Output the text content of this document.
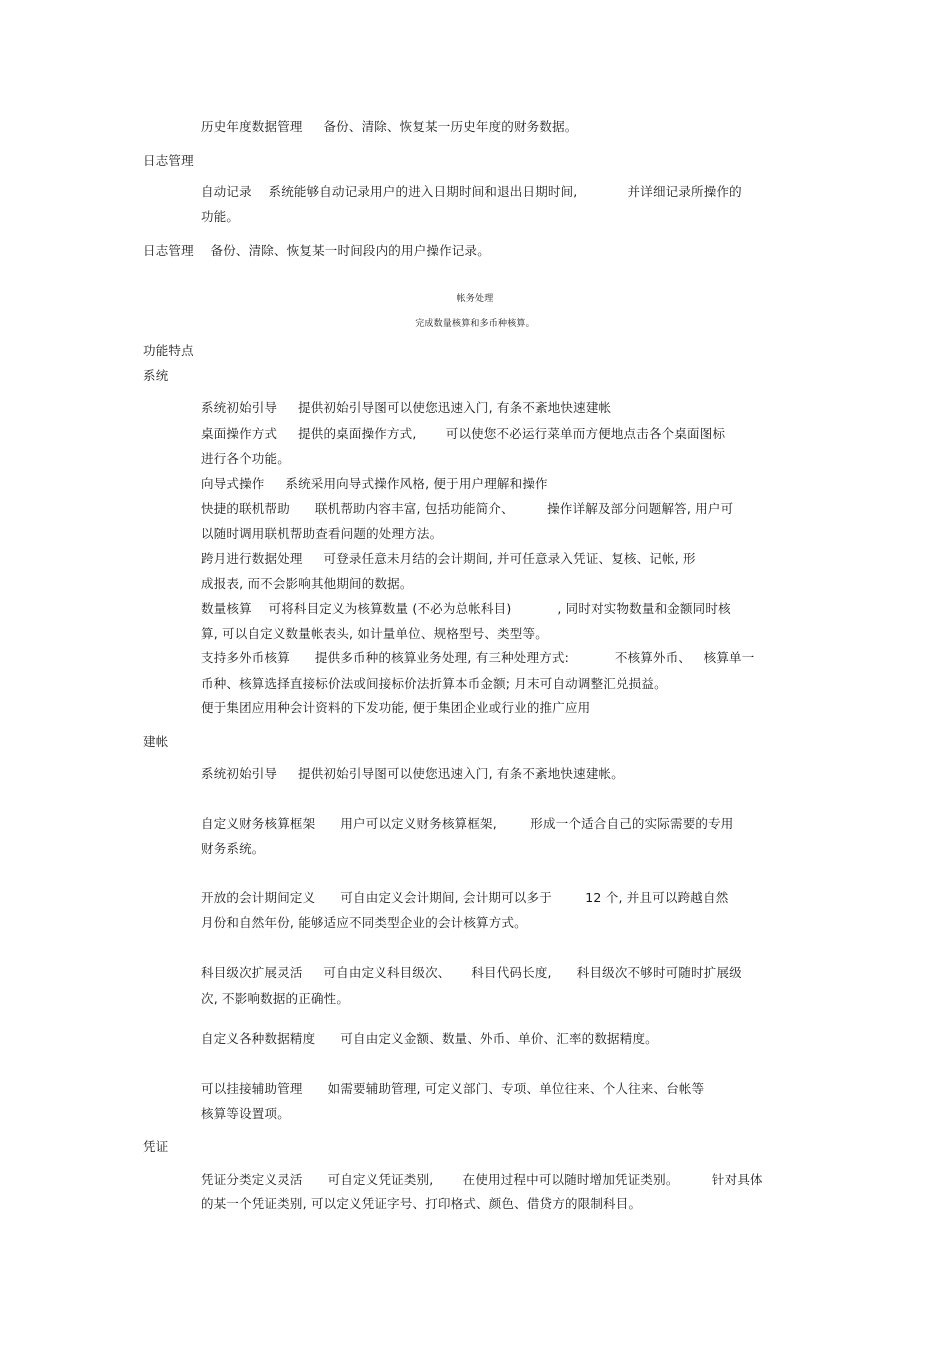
历史年度数据管理     备份、清除、恢复某一历史年度的财务数据。
日志管理
自动记录    系统能够自动记录用户的进入日期时间和退出日期时间,            并详细记录所操作的
功能。
日志管理    备份、清除、恢复某一时间段内的用户操作记录。
帐务处理
完成数量核算和多币种核算。
功能特点
系统
系统初始引导     提供初始引导图可以使您迅速入门, 有条不紊地快速建帐
桌面操作方式     提供的桌面操作方式,       可以使您不必运行菜单而方便地点击各个桌面图标
进行各个功能。
向导式操作     系统采用向导式操作风格, 便于用户理解和操作
快捷的联机帮助      联机帮助内容丰富, 包括功能简介、        操作详解及部分问题解答, 用户可
以随时调用联机帮助查看问题的处理方法。
跨月进行数据处理     可登录任意未月结的会计期间, 并可任意录入凭证、复核、记帐, 形
成报表, 而不会影响其他期间的数据。
数量核算    可将科目定义为核算数量 (不必为总帐科目)           , 同时对实物数量和金额同时核
算, 可以自定义数量帐表头, 如计量单位、规格型号、类型等。
支持多外币核算      提供多币种的核算业务处理, 有三种处理方式:           不核算外币、   核算单一
币种、核算选择直接标价法或间接标价法折算本币金额; 月末可自动调整汇兑损益。
便于集团应用种会计资料的下发功能, 便于集团企业或行业的推广应用
建帐
系统初始引导     提供初始引导图可以使您迅速入门, 有条不紊地快速建帐。
自定义财务核算框架      用户可以定义财务核算框架,        形成一个适合自己的实际需要的专用
财务系统。
开放的会计期间定义      可自由定义会计期间, 会计期可以多于        12 个, 并且可以跨越自然
月份和自然年份, 能够适应不同类型企业的会计核算方式。
科目级次扩展灵活     可自由定义科目级次、     科目代码长度,      科目级次不够时可随时扩展级
次, 不影响数据的正确性。
自定义各种数据精度      可自由定义金额、数量、外币、单价、汇率的数据精度。
可以挂接辅助管理      如需要辅助管理, 可定义部门、专项、单位往来、个人往来、台帐等
核算等设置项。
凭证
凭证分类定义灵活      可自定义凭证类别,       在使用过程中可以随时增加凭证类别。        针对具体
的某一个凭证类别, 可以定义凭证字号、打印格式、颜色、借贷方的限制科目。
